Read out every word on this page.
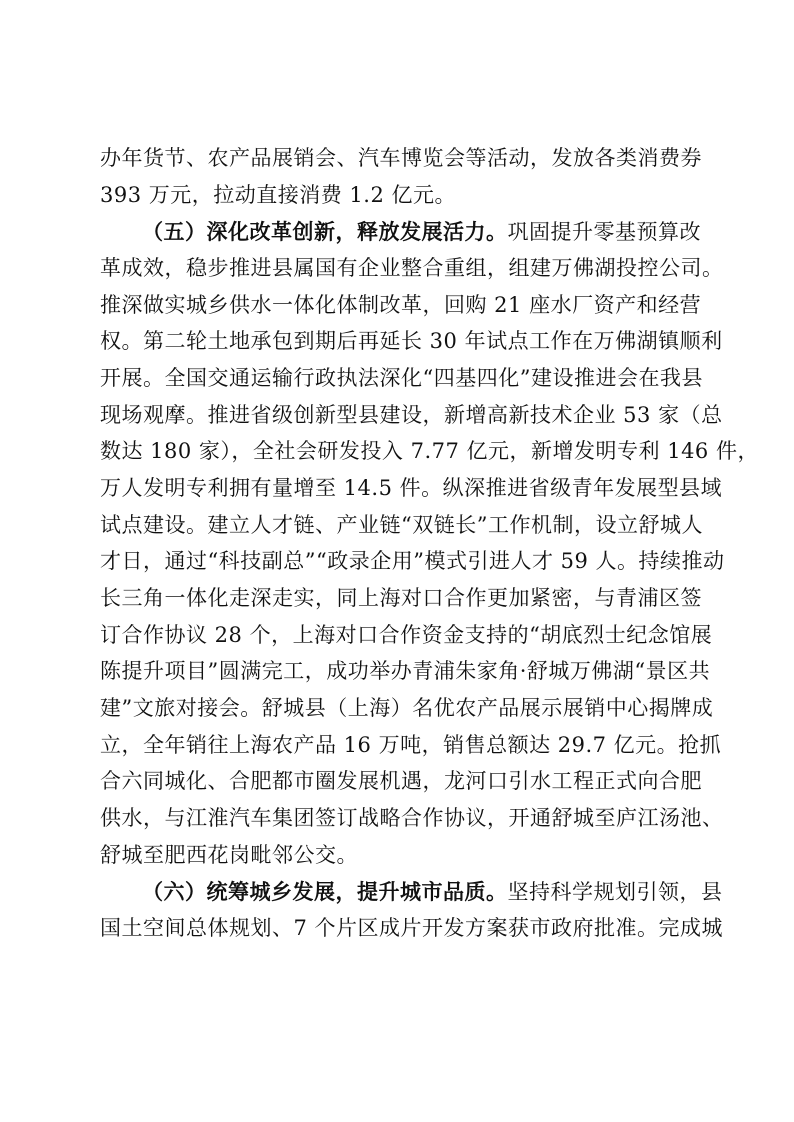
办年货节、农产品展销会、汽车博览会等活动，发放各类消费券
393 万元，拉动直接消费 1.2 亿元。
（五）深化改革创新，释放发展活力。巩固提升零基预算改
革成效，稳步推进县属国有企业整合重组，组建万佛湖投控公司。
推深做实城乡供水一体化体制改革，回购 21 座水厂资产和经营
权。第二轮土地承包到期后再延长 30 年试点工作在万佛湖镇顺利
开展。全国交通运输行政执法深化“四基四化”建设推进会在我县
现场观摩。推进省级创新型县建设，新增高新技术企业 53 家（总
数达 180 家），全社会研发投入 7.77 亿元，新增发明专利 146 件，
万人发明专利拥有量增至 14.5 件。纵深推进省级青年发展型县域
试点建设。建立人才链、产业链“双链长”工作机制，设立舒城人
才日，通过“科技副总”“政录企用”模式引进人才 59 人。持续推动
长三角一体化走深走实，同上海对口合作更加紧密，与青浦区签
订合作协议 28 个，上海对口合作资金支持的“胡底烈士纪念馆展
陈提升项目”圆满完工，成功举办青浦朱家角·舒城万佛湖“景区共
建”文旅对接会。舒城县（上海）名优农产品展示展销中心揭牌成
立，全年销往上海农产品 16 万吨，销售总额达 29.7 亿元。抢抓
合六同城化、合肥都市圈发展机遇，龙河口引水工程正式向合肥
供水，与江淮汽车集团签订战略合作协议，开通舒城至庐江汤池、
舒城至肥西花岗毗邻公交。
（六）统筹城乡发展，提升城市品质。坚持科学规划引领，县
国土空间总体规划、7 个片区成片开发方案获市政府批准。完成城
